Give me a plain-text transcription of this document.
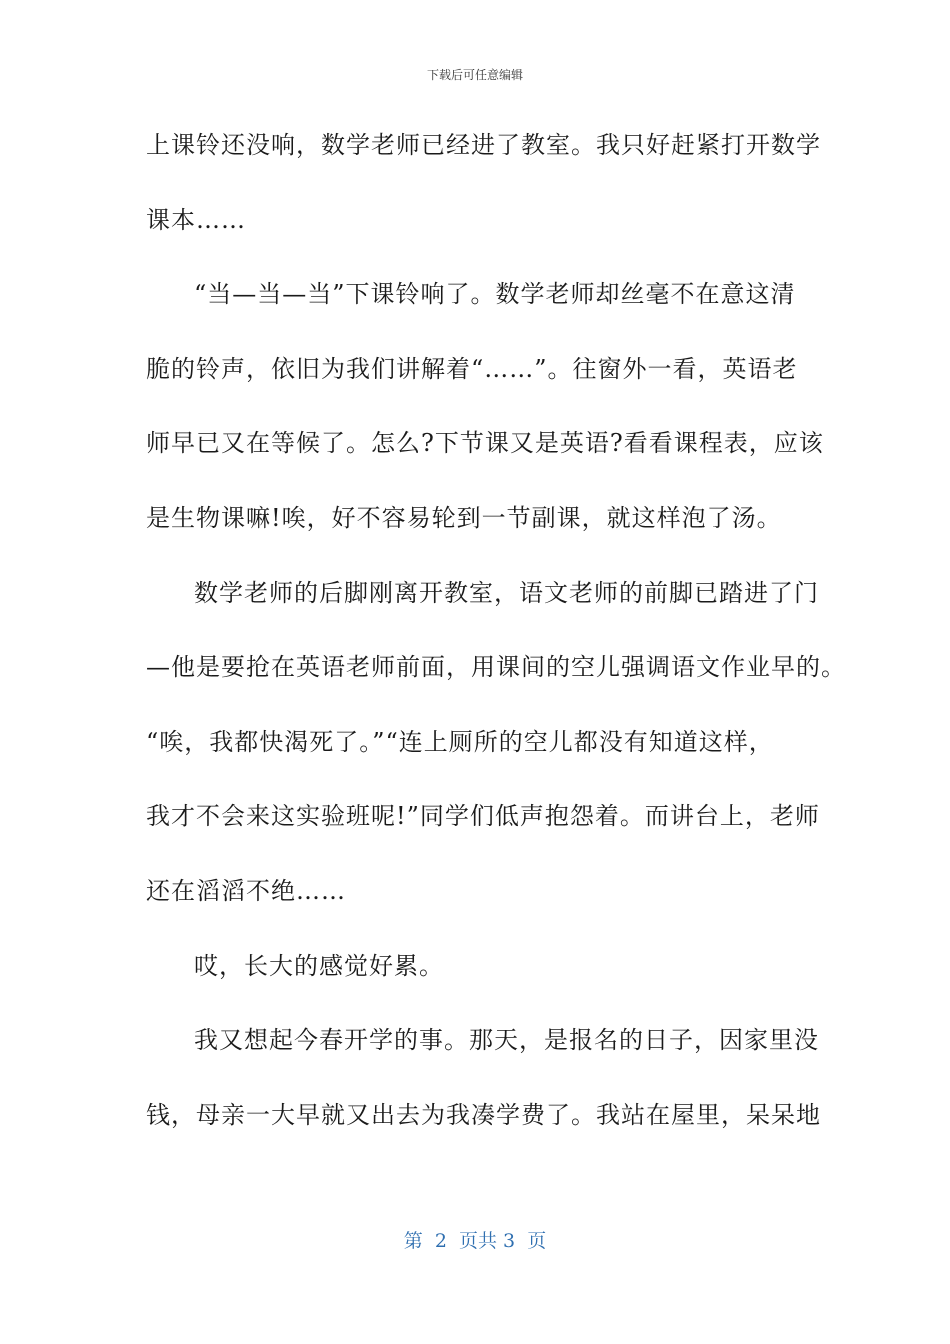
下载后可任意编辑
上课铃还没响，数学老师已经进了教室。我只好赶紧打开数学
课本……
“当—当—当”下课铃响了。数学老师却丝毫不在意这清
脆的铃声，依旧为我们讲解着“……”。往窗外一看，英语老
师早已又在等候了。怎么?下节课又是英语?看看课程表，应该
是生物课嘛!唉，好不容易轮到一节副课，就这样泡了汤。
数学老师的后脚刚离开教室，语文老师的前脚已踏进了门
—他是要抢在英语老师前面，用课间的空儿强调语文作业早的。
“唉，我都快渴死了。”“连上厕所的空儿都没有知道这样，
我才不会来这实验班呢!”同学们低声抱怨着。而讲台上，老师
还在滔滔不绝……
哎，长大的感觉好累。
我又想起今春开学的事。那天，是报名的日子，因家里没
钱，母亲一大早就又出去为我凑学费了。我站在屋里，呆呆地
第  2  页共 3  页
